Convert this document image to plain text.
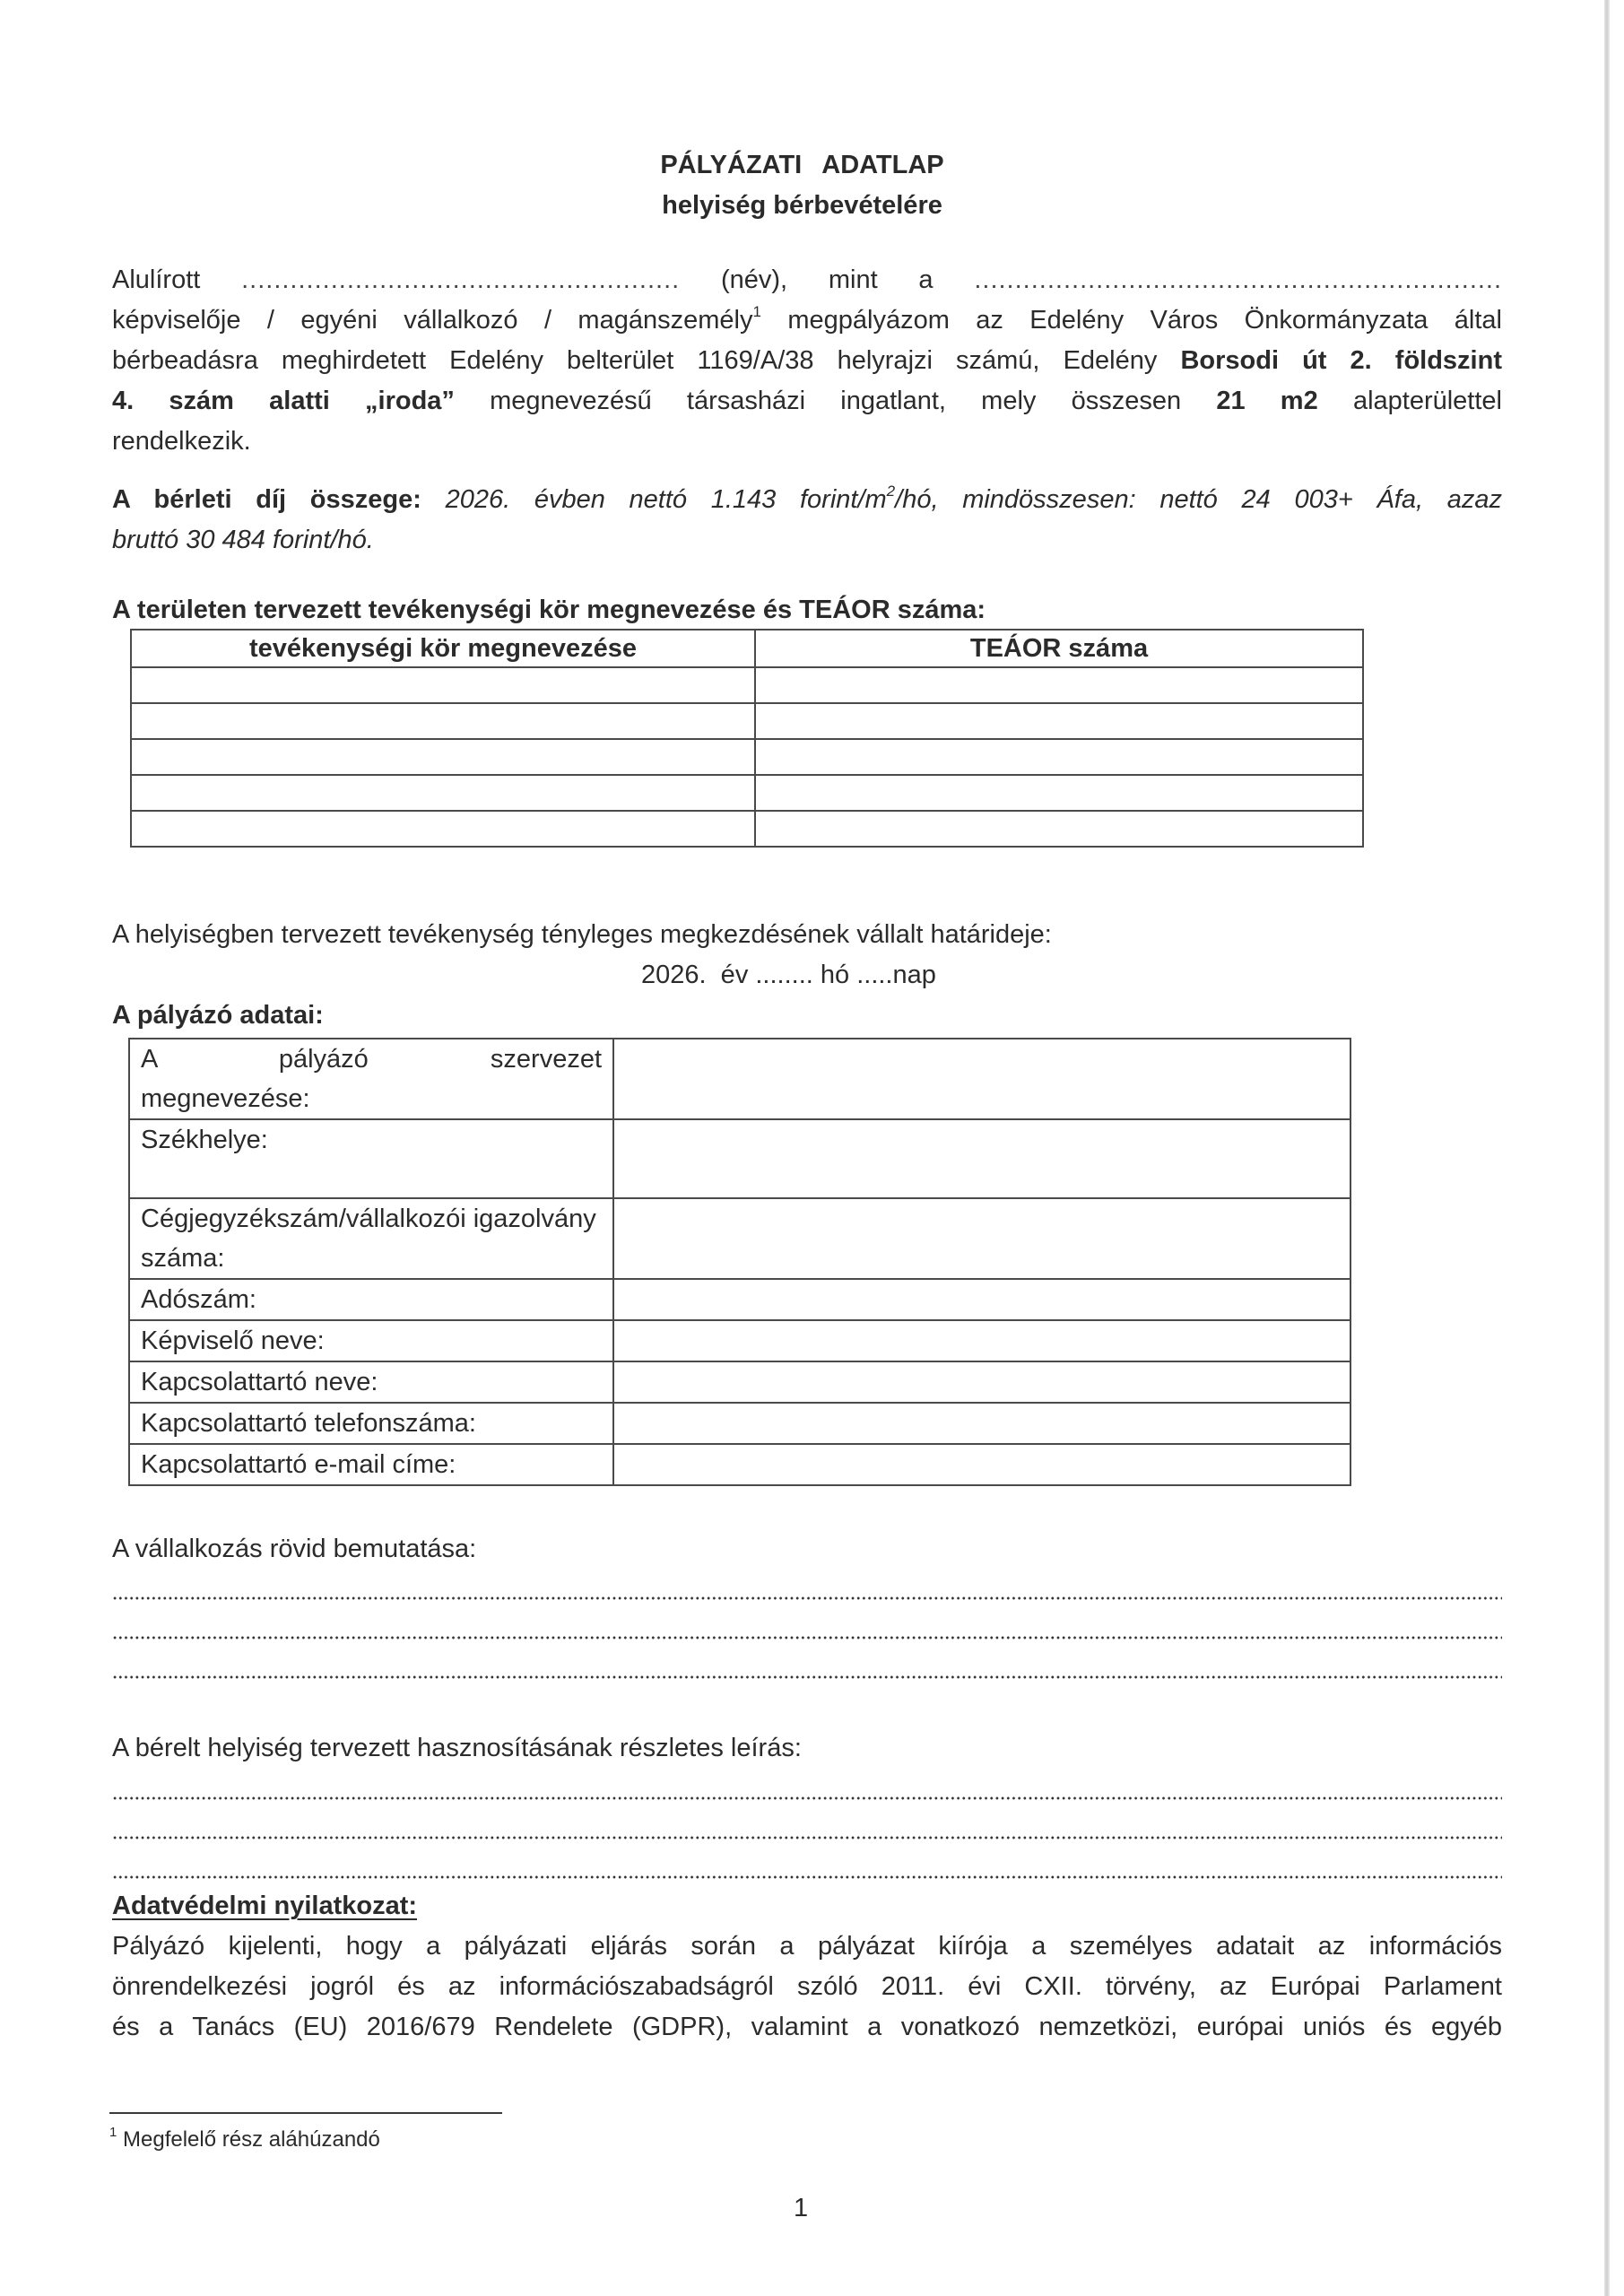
PÁLYÁZATI ADATLAP
helyiség bérbevételére
Alulírott ...................................................... (név), mint a .................................................................
képviselője / egyéni vállalkozó / magánszemély$^1$ megpályázom az Edelény Város Önkormányzata által
bérbeadásra meghirdetett Edelény belterület 1169/A/38 helyrajzi számú, Edelény Borsodi út 2. földszint
4. szám alatti „iroda” megnevezésű társasházi ingatlant, mely összesen 21 m2 alapterülettel
rendelkezik.
A bérleti díj összege: 2026. évben nettó 1.143 forint/$m^2/hó$, mindösszesen: nettó 24 003+ Áfa, azaz
bruttó 30 484 forint/hó.
A területen tervezett tevékenységi kör megnevezése és TEÁOR száma:
tevékenységi kör megnevezése	TEÁOR száma

A helyiségben tervezett tevékenység tényleges megkezdésének vállalt határideje:
2026.  év ........ hó .....nap
A pályázó adatai:
A pályázó szervezet
megnevezése:	

Székhelye:	
Cégjegyzékszám/vállalkozói igazolvány száma:	
Adószám:	
Képviselő neve:	
Kapcsolattartó neve:	
Kapcsolattartó telefonszáma:	
Kapcsolattartó e-mail címe:	
A vállalkozás rövid bemutatása:
A bérelt helyiség tervezett hasznosításának részletes leírás:
Adatvédelmi nyilatkozat:
Pályázó kijelenti, hogy a pályázati eljárás során a pályázat kiírója a személyes adatait az információs
önrendelkezési jogról és az információszabadságról szóló 2011. évi CXII. törvény, az Európai Parlament
és a Tanács (EU) 2016/679 Rendelete (GDPR), valamint a vonatkozó nemzetközi, európai uniós és egyéb
$^1$ Megfelelő rész aláhúzandó
1
